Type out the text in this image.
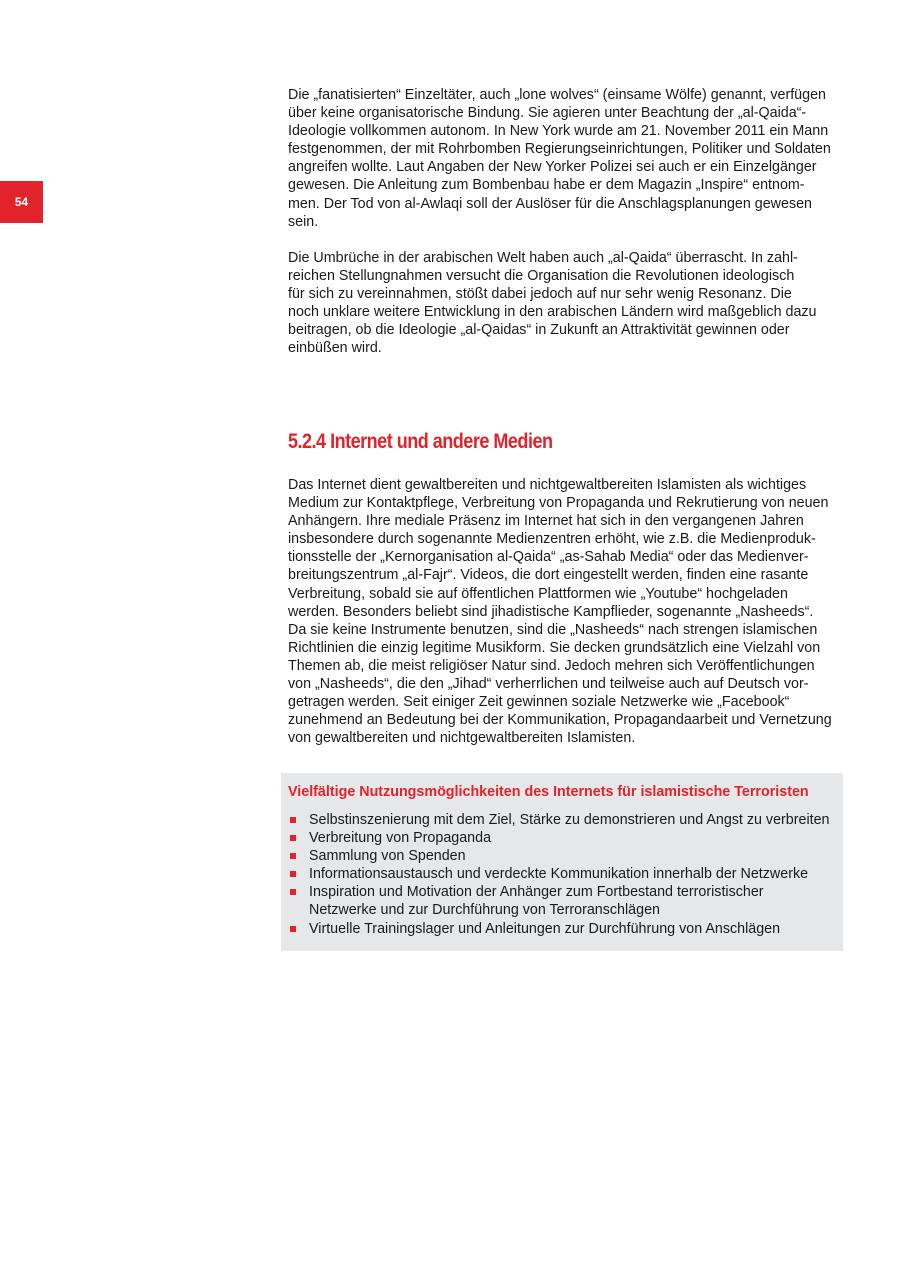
54

Die „fanatisierten“ Einzeltäter, auch „lone wolves“ (einsame Wölfe) genannt, verfügen
über keine organisatorische Bindung. Sie agieren unter Beachtung der „al-Qaida“-
Ideologie vollkommen autonom. In New York wurde am 21. November 2011 ein Mann
festgenommen, der mit Rohrbomben Regierungseinrichtungen, Politiker und Soldaten
angreifen wollte. Laut Angaben der New Yorker Polizei sei auch er ein Einzelgänger
gewesen. Die Anleitung zum Bombenbau habe er dem Magazin „Inspire“ entnom-
men. Der Tod von al-Awlaqi soll der Auslöser für die Anschlagsplanungen gewesen
sein.

Die Umbrüche in der arabischen Welt haben auch „al-Qaida“ überrascht. In zahl-
reichen Stellungnahmen versucht die Organisation die Revolutionen ideologisch
für sich zu vereinnahmen, stößt dabei jedoch auf nur sehr wenig Resonanz. Die
noch unklare weitere Entwicklung in den arabischen Ländern wird maßgeblich dazu
beitragen, ob die Ideologie „al-Qaidas“ in Zukunft an Attraktivität gewinnen oder
einbüßen wird.

5.2.4 Internet und andere Medien

Das Internet dient gewaltbereiten und nichtgewaltbereiten Islamisten als wichtiges
Medium zur Kontaktpflege, Verbreitung von Propaganda und Rekrutierung von neuen
Anhängern. Ihre mediale Präsenz im Internet hat sich in den vergangenen Jahren
insbesondere durch sogenannte Medienzentren erhöht, wie z.B. die Medienproduk-
tionsstelle der „Kernorganisation al-Qaida“ „as-Sahab Media“ oder das Medienver-
breitungszentrum „al-Fajr“. Videos, die dort eingestellt werden, finden eine rasante
Verbreitung, sobald sie auf öffentlichen Plattformen wie „Youtube“ hochgeladen
werden. Besonders beliebt sind jihadistische Kampflieder, sogenannte „Nasheeds“.
Da sie keine Instrumente benutzen, sind die „Nasheeds“ nach strengen islamischen
Richtlinien die einzig legitime Musikform. Sie decken grundsätzlich eine Vielzahl von
Themen ab, die meist religiöser Natur sind. Jedoch mehren sich Veröffentlichungen
von „Nasheeds“, die den „Jihad“ verherrlichen und teilweise auch auf Deutsch vor-
getragen werden. Seit einiger Zeit gewinnen soziale Netzwerke wie „Facebook“
zunehmend an Bedeutung bei der Kommunikation, Propagandaarbeit und Vernetzung
von gewaltbereiten und nichtgewaltbereiten Islamisten.

Vielfältige Nutzungsmöglichkeiten des Internets für islamistische Terroristen

Selbstinszenierung mit dem Ziel, Stärke zu demonstrieren und Angst zu verbreiten
Verbreitung von Propaganda
Sammlung von Spenden
Informationsaustausch und verdeckte Kommunikation innerhalb der Netzwerke
Inspiration und Motivation der Anhänger zum Fortbestand terroristischer
Netzwerke und zur Durchführung von Terroranschlägen
Virtuelle Trainingslager und Anleitungen zur Durchführung von Anschlägen
